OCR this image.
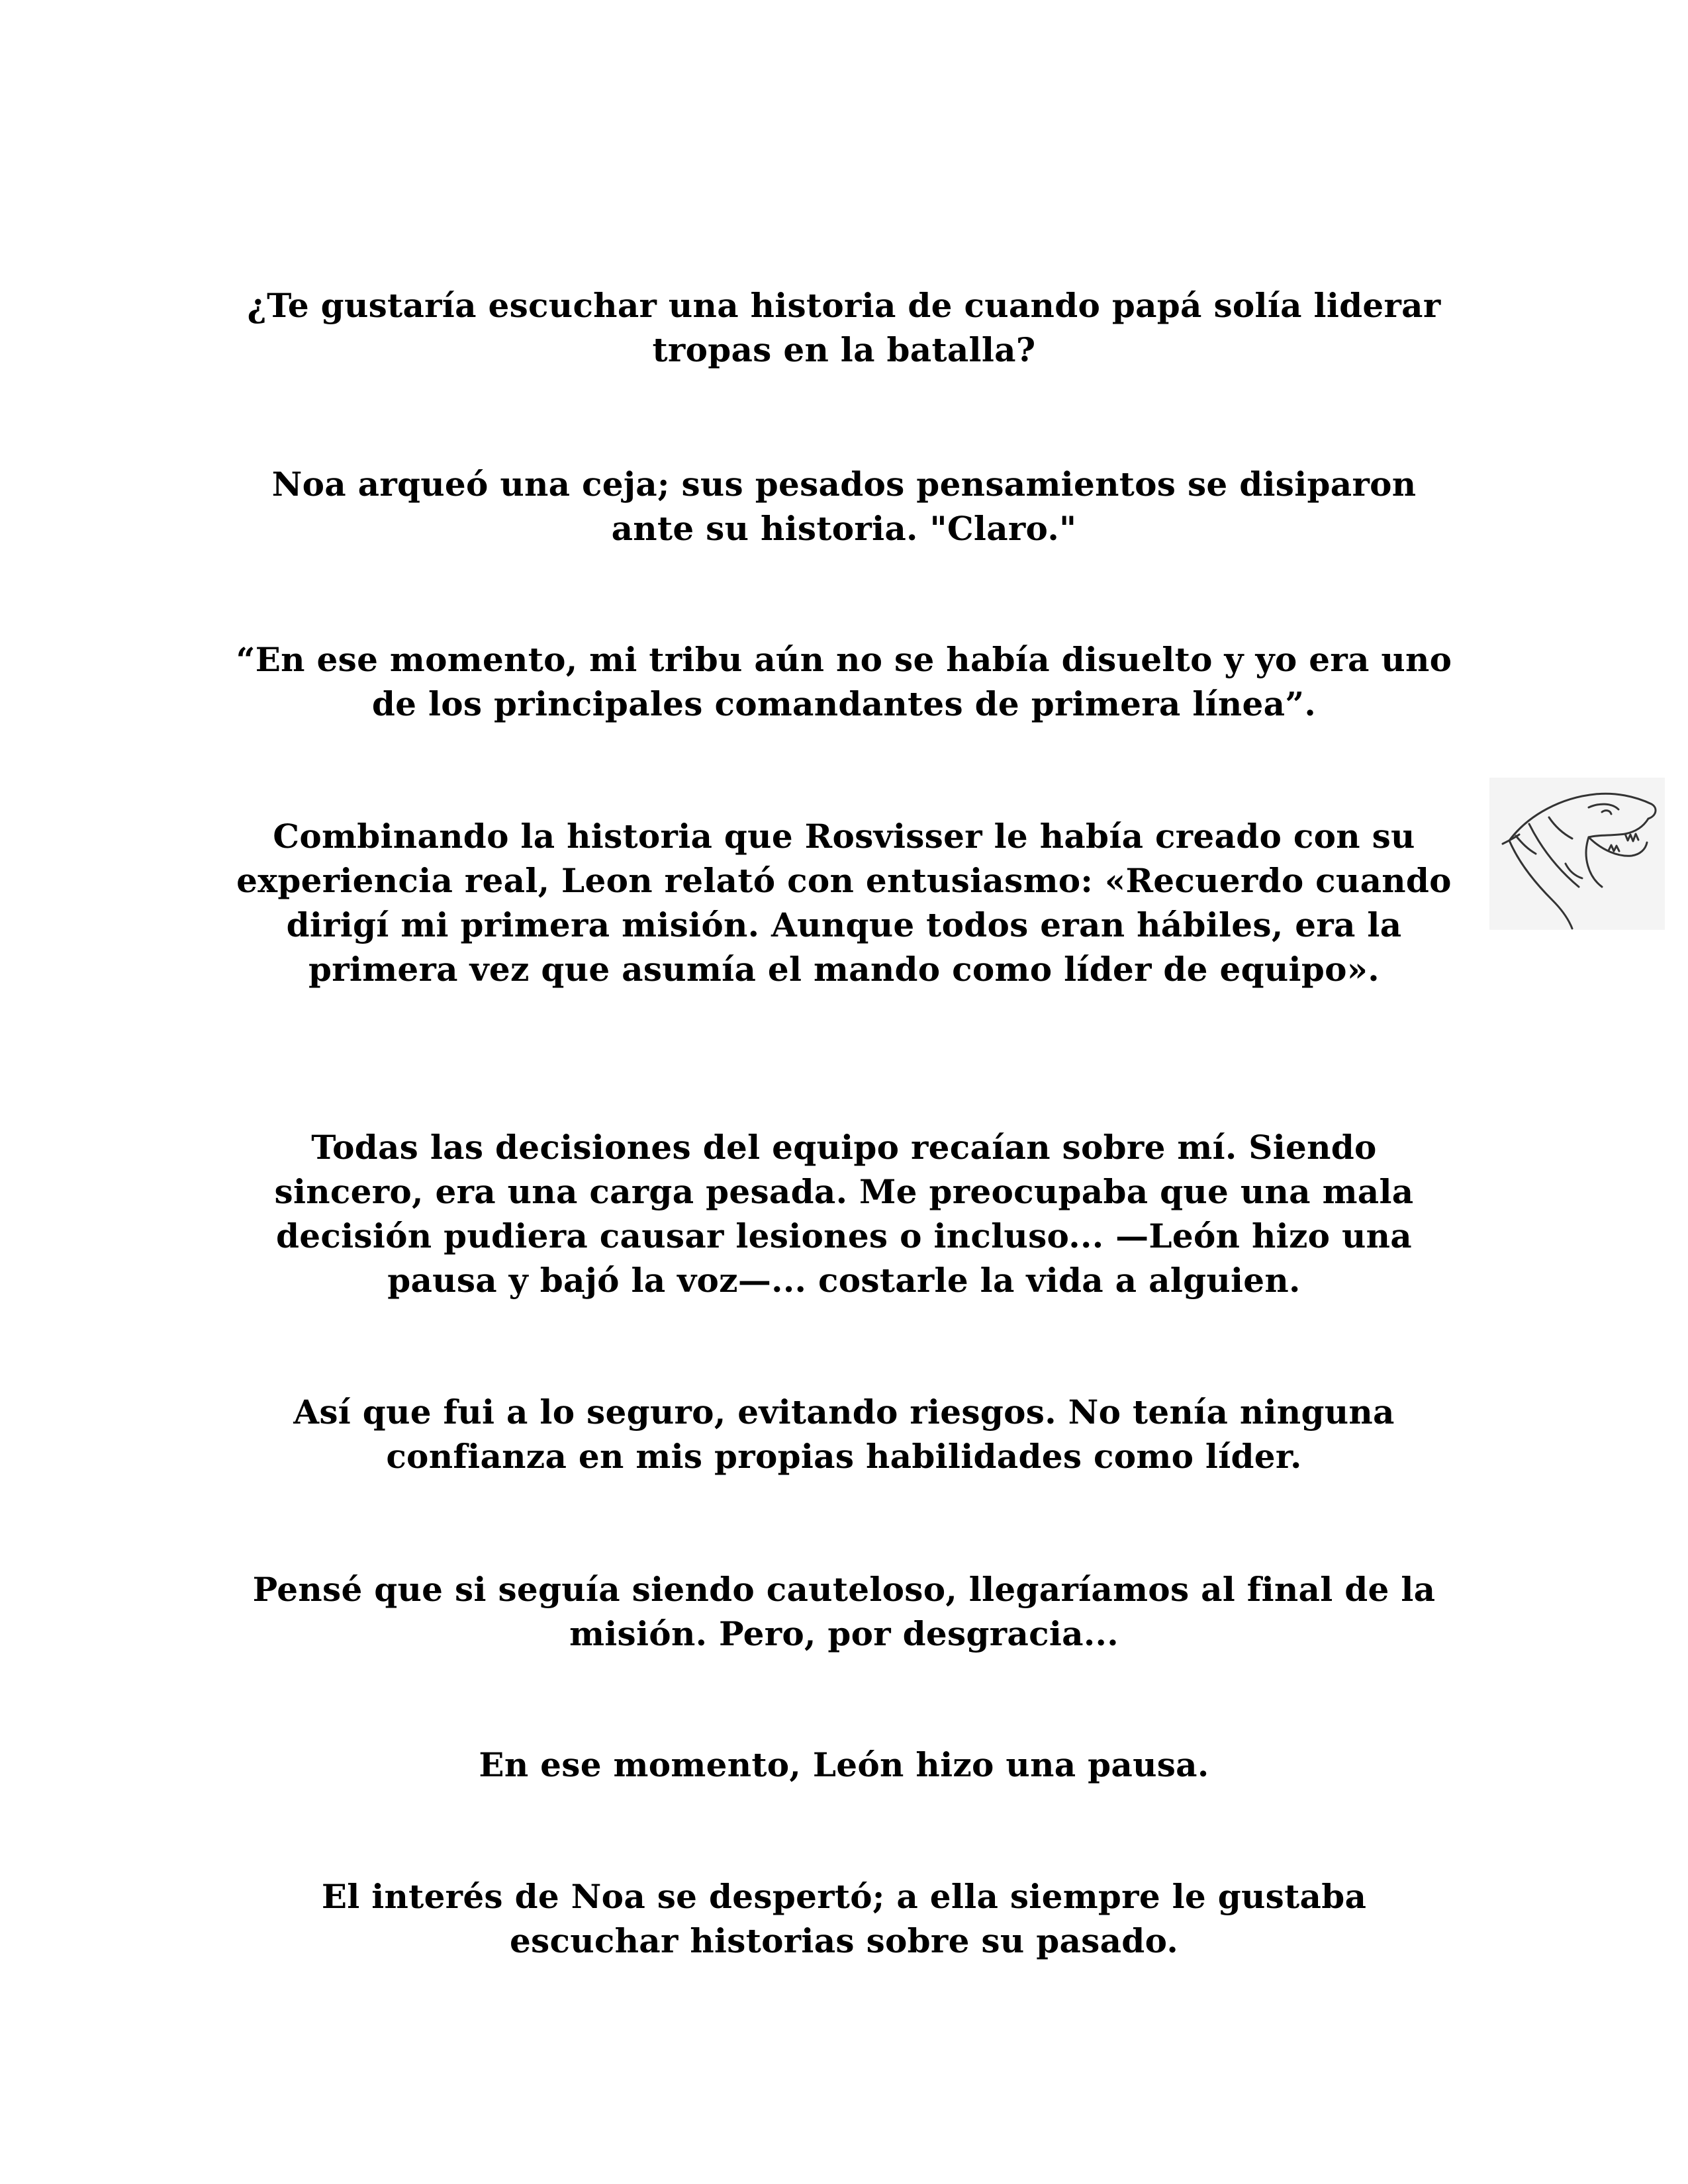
¿Te gustaría escuchar una historia de cuando papá solía liderar tropas en la batalla?

Noa arqueó una ceja; sus pesados pensamientos se disiparon ante su historia. "Claro."

“En ese momento, mi tribu aún no se había disuelto y yo era uno de los principales comandantes de primera línea”.

Combinando la historia que Rosvisser le había creado con su experiencia real, Leon relató con entusiasmo: «Recuerdo cuando dirigí mi primera misión. Aunque todos eran hábiles, era la primera vez que asumía el mando como líder de equipo».

Todas las decisiones del equipo recaían sobre mí. Siendo sincero, era una carga pesada. Me preocupaba que una mala decisión pudiera causar lesiones o incluso... —León hizo una pausa y bajó la voz—... costarle la vida a alguien.

Así que fui a lo seguro, evitando riesgos. No tenía ninguna confianza en mis propias habilidades como líder.

Pensé que si seguía siendo cauteloso, llegaríamos al final de la misión. Pero, por desgracia...

En ese momento, León hizo una pausa.

El interés de Noa se despertó; a ella siempre le gustaba escuchar historias sobre su pasado.
